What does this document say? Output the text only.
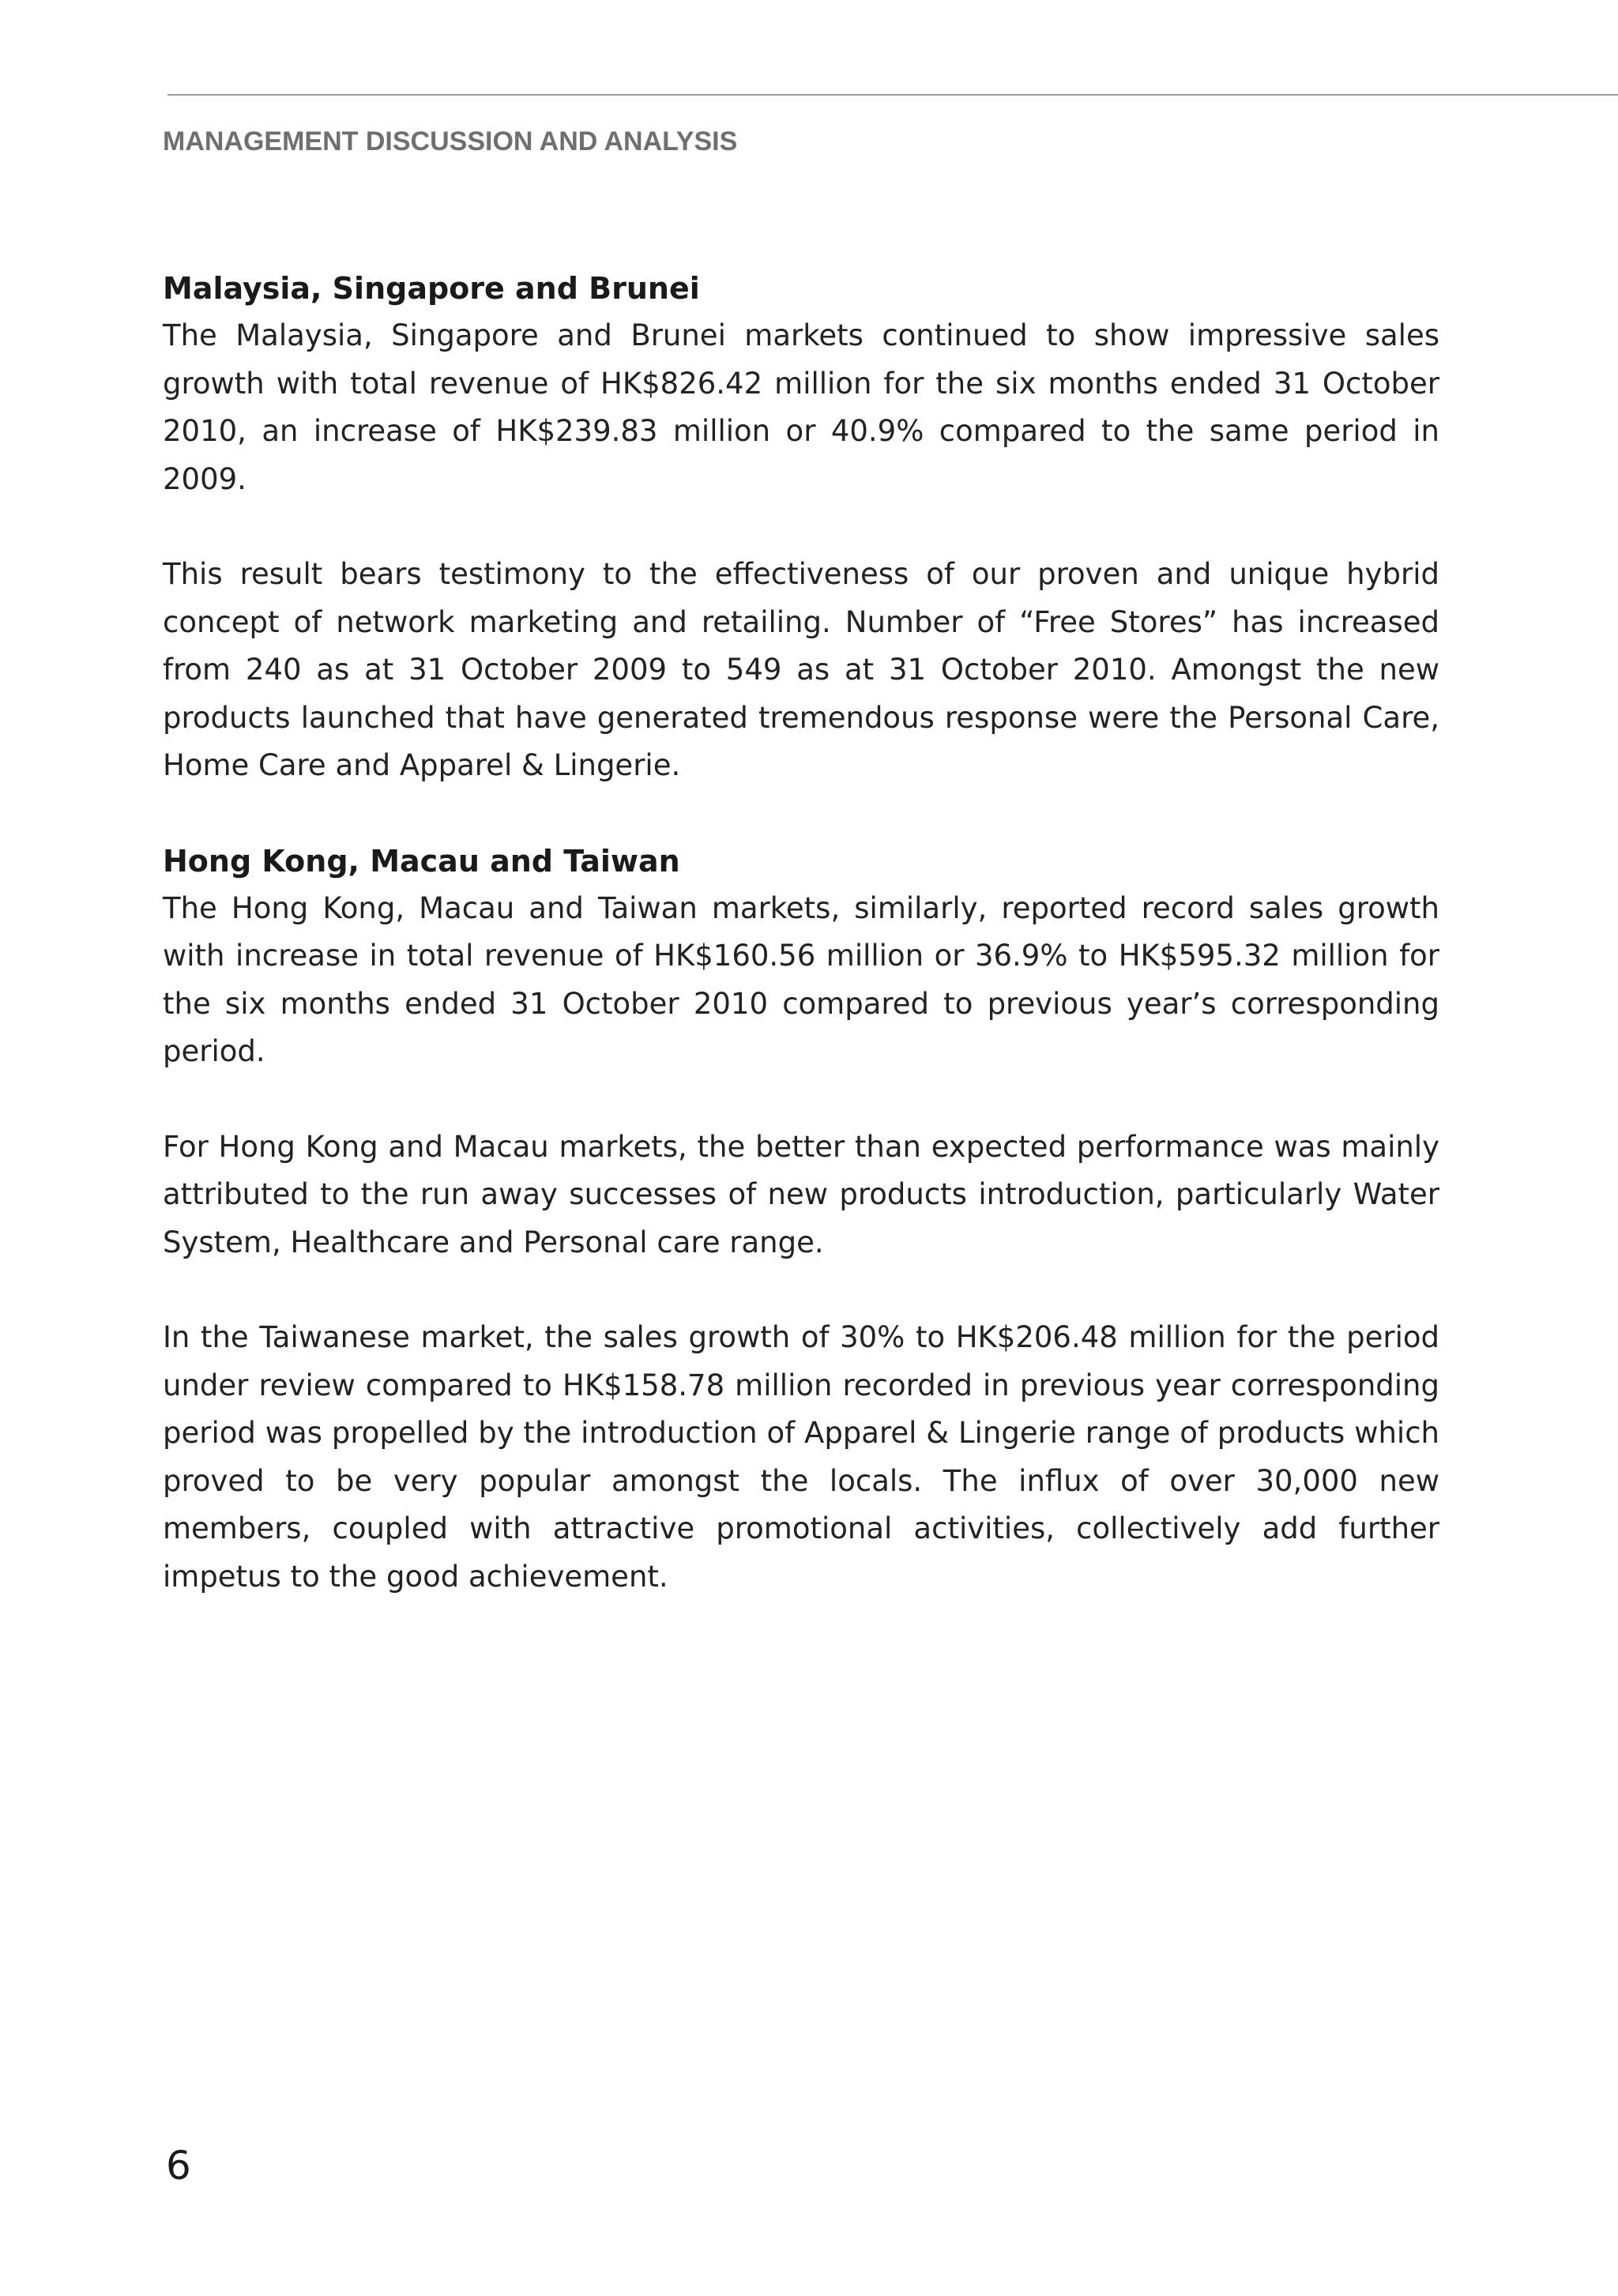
MANAGEMENT DISCUSSION AND ANALYSIS
Malaysia, Singapore and Brunei

The Malaysia, Singapore and Brunei markets continued to show impressive sales growth with total revenue of HK$826.42 million for the six months ended 31 October 2010, an increase of HK$239.83 million or 40.9% compared to the same period in 2009.

This result bears testimony to the effectiveness of our proven and unique hybrid concept of network marketing and retailing. Number of “Free Stores” has increased from 240 as at 31 October 2009 to 549 as at 31 October 2010. Amongst the new products launched that have generated tremendous response were the Personal Care, Home Care and Apparel & Lingerie.

Hong Kong, Macau and Taiwan

The Hong Kong, Macau and Taiwan markets, similarly, reported record sales growth with increase in total revenue of HK$160.56 million or 36.9% to HK$595.32 million for the six months ended 31 October 2010 compared to previous year’s corresponding period.

For Hong Kong and Macau markets, the better than expected performance was mainly attributed to the run away successes of new products introduction, particularly Water System, Healthcare and Personal care range.

In the Taiwanese market, the sales growth of 30% to HK$206.48 million for the period under review compared to HK$158.78 million recorded in previous year corresponding period was propelled by the introduction of Apparel & Lingerie range of products which proved to be very popular amongst the locals. The influx of over 30,000 new members, coupled with attractive promotional activities, collectively add further impetus to the good achievement.

6
